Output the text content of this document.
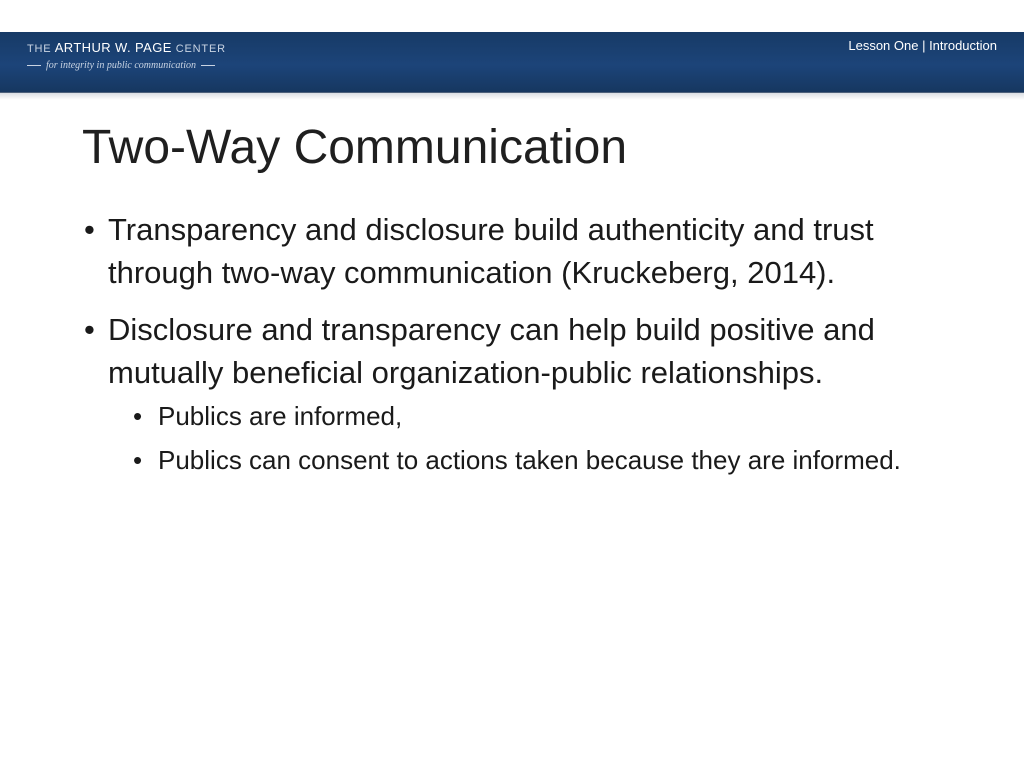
THE ARTHUR W. PAGE CENTER
for integrity in public communication
Lesson One | Introduction
Two-Way Communication
• Transparency and disclosure build authenticity and trust through two-way communication (Kruckeberg, 2014).
• Disclosure and transparency can help build positive and mutually beneficial organization-public relationships.
• Publics are informed,
• Publics can consent to actions taken because they are informed.
